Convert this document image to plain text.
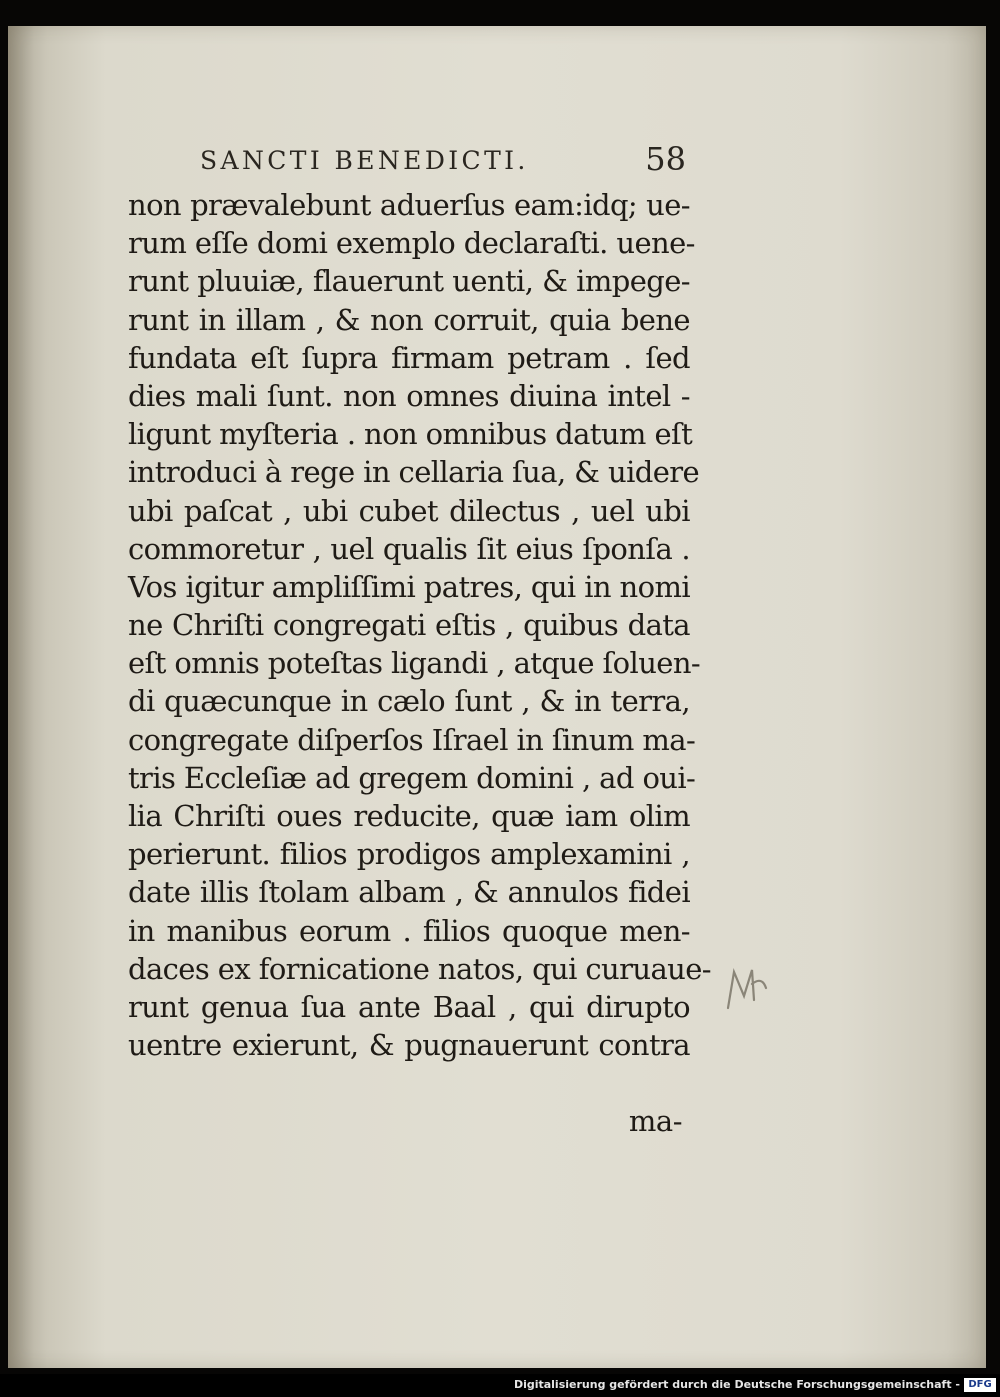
SANCTI BENEDICTI.	58
non prævalebunt aduerſus eam:idq; ue-
rum eſſe domi exemplo declaraſti. uene-
runt pluuiæ, flauerunt uenti, & impege-
runt in illam , & non corruit, quia bene
fundata eſt ſupra firmam petram . ſed
dies mali ſunt. non omnes diuina intel -
ligunt myſteria . non omnibus datum eſt
introduci à rege in cellaria ſua, & uidere
ubi paſcat , ubi cubet dilectus , uel ubi
commoretur , uel qualis ſit eius ſponſa .
Vos igitur ampliſſimi patres, qui in nomi
ne Chriſti congregati eſtis , quibus data
eſt omnis poteſtas ligandi , atque ſoluen-
di quæcunque in cælo ſunt , & in terra,
congregate diſperſos Iſrael in ſinum ma-
tris Eccleſiæ ad gregem domini , ad oui-
lia Chriſti oues reducite, quæ iam olim
perierunt. filios prodigos amplexamini ,
date illis ſtolam albam , & annulos fidei
in manibus eorum . filios quoque men-
daces ex fornicatione natos, qui curuaue-
runt genua ſua ante Baal , qui dirupto
uentre exierunt, & pugnauerunt contra
ma-
Digitalisierung gefördert durch die Deutsche Forschungsgemeinschaft - DFG
